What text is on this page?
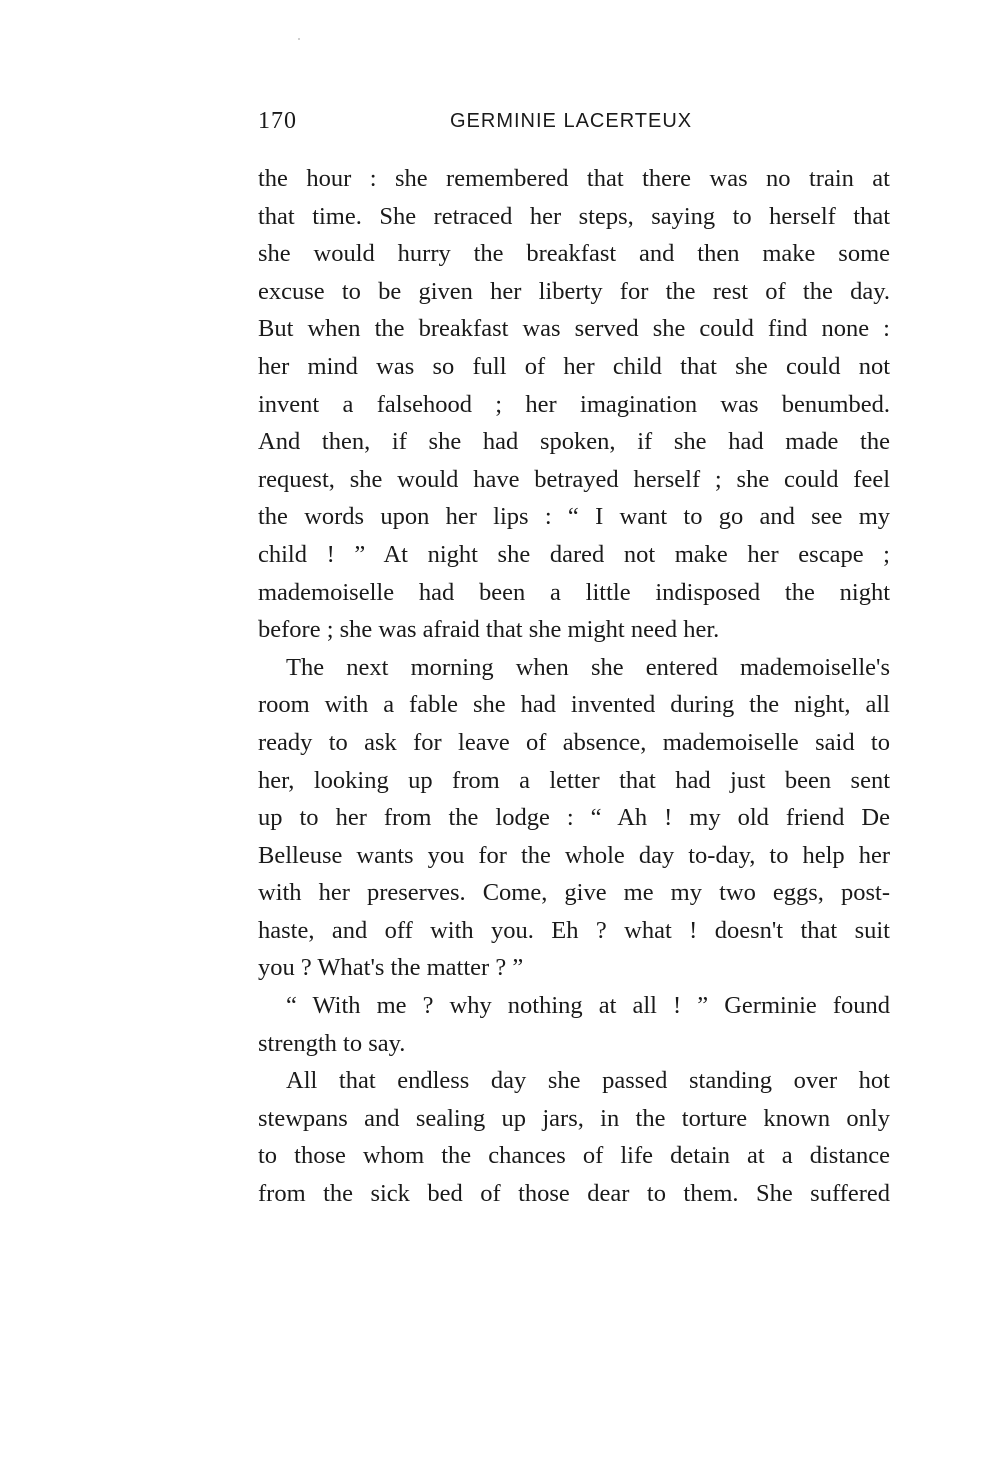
170	GERMINIE LACERTEUX
the hour : she remembered that there was no train at
that time. She retraced her steps, saying to herself that
she would hurry the breakfast and then make some
excuse to be given her liberty for the rest of the day.
But when the breakfast was served she could find none :
her mind was so full of her child that she could not
invent a falsehood ; her imagination was benumbed.
And then, if she had spoken, if she had made the
request, she would have betrayed herself ; she could feel
the words upon her lips : “ I want to go and see my
child ! ” At night she dared not make her escape ;
mademoiselle had been a little indisposed the night
before ; she was afraid that she might need her.
The next morning when she entered mademoiselle's
room with a fable she had invented during the night, all
ready to ask for leave of absence, mademoiselle said to
her, looking up from a letter that had just been sent
up to her from the lodge : “ Ah ! my old friend De
Belleuse wants you for the whole day to-day, to help her
with her preserves. Come, give me my two eggs, post-
haste, and off with you. Eh ? what ! doesn't that suit
you ? What's the matter ? ”
“ With me ? why nothing at all ! ” Germinie found
strength to say.
All that endless day she passed standing over hot
stewpans and sealing up jars, in the torture known only
to those whom the chances of life detain at a distance
from the sick bed of those dear to them. She suffered
